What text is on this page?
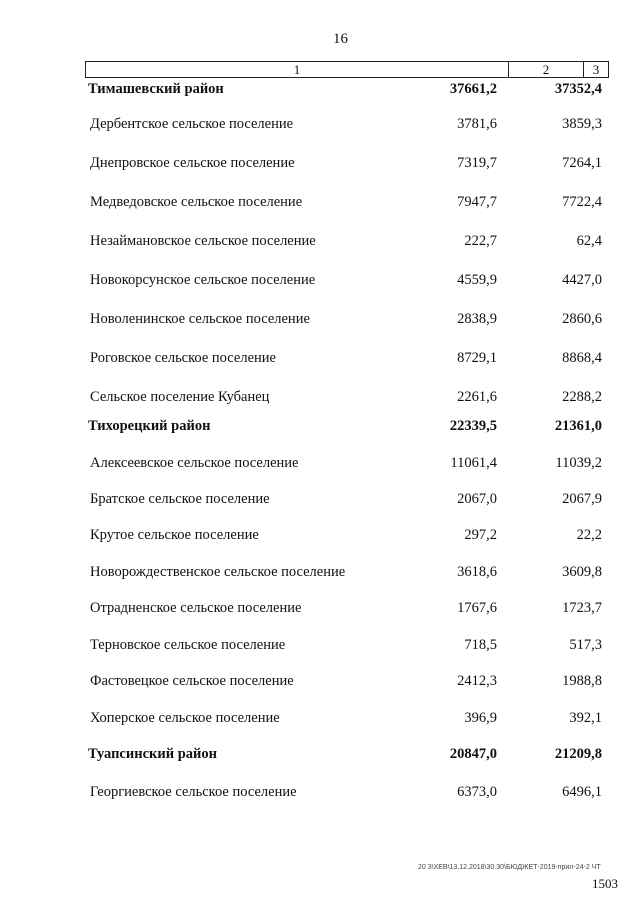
16
1	2	3
Тимашевский район	37661,2	37352,4
Дербентское сельское поселение	3781,6	3859,3
Днепровское сельское поселение	7319,7	7264,1
Медведовское сельское поселение	7947,7	7722,4
Незаймановское сельское поселение	222,7	62,4
Новокорсунское сельское поселение	4559,9	4427,0
Новоленинское сельское поселение	2838,9	2860,6
Роговское сельское поселение	8729,1	8868,4
Сельское поселение Кубанец	2261,6	2288,2
Тихорецкий район	22339,5	21361,0
Алексеевское сельское поселение	11061,4	11039,2
Братское сельское поселение	2067,0	2067,9
Крутое сельское поселение	297,2	22,2
Новорождественское сельское поселение	3618,6	3609,8
Отрадненское сельское поселение	1767,6	1723,7
Терновское сельское поселение	718,5	517,3
Фастовецкое сельское поселение	2412,3	1988,8
Хоперское сельское поселение	396,9	392,1
Туапсинский район	20847,0	21209,8
Георгиевское сельское поселение	6373,0	6496,1
20 3\ХЕВ\13.12.2018\30.30\БЮДЖЕТ-2019-прил-24-2 ЧТ
1503
